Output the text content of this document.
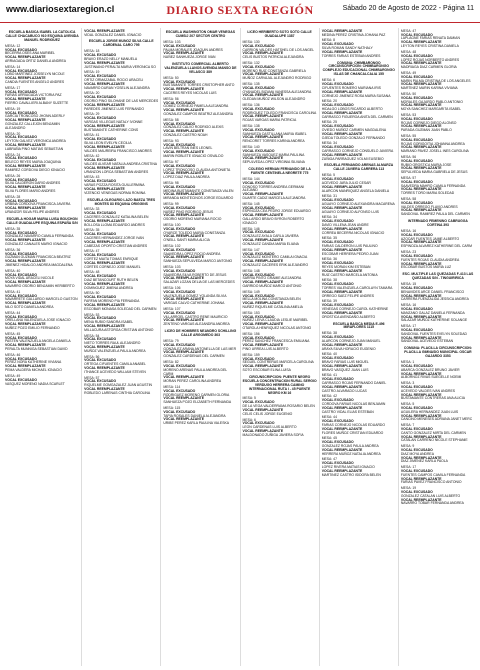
www.diariosextaregion.cl	DIARIO SEXTA REGIÓN	Sábado 20 de Agosto de 2022 - Página 11
ESCUELA BASICA ISABEL LA CATOLICA CALLE CHACABUCO 910 ESQUINA AVENIDA MANUEL RODRIGUEZ
MESA: 12
VOCAL EXCUSADO
BECERRA OSES ANA MARIBEL
VOCAL REEMPLAZANTE
ARRIAGADA ORTIZ DANIELA ANDREA
MESA: 14
VOCAL EXCUSADO
LOBO MARTINEZ JOSSELYN NICOLE
VOCAL REEMPLAZANTE
CANDIA FUENTES ANGELO ANDRES
MESA: 17
VOCAL EXCUSADO
FARIAS ARRIAGADA VICTORIA PAZ
VOCAL REEMPLAZANTE
FIERRO CAVALLIERI ALBANY SUZETTE
MESA: 19
VOCAL EXCUSADO
GARCIA TRONCOSO JHONN ADERLY
VOCAL REEMPLAZANTE
GONZALEZ CALLEJON BENJAMIN ALEJANDRO
MESA: 20
VOCAL EXCUSADO
LEYTON GALVEZ VERONICA ANDREA
VOCAL REEMPLAZANTE
LABRAÑA PINO MATIAS SEBASTIAN
MESA: 24
VOCAL EXCUSADO
BELECO REYES MARIA JOAQUINA
VOCAL REEMPLAZANTE
RAMIREZ CORDOVA DIEGO IGNACIO
MESA: 26
VOCAL EXCUSADO
SILVA CALDERON DARIO ANDRES
VOCAL REEMPLAZANTE
SILVA FLORES MARIO ANDRES
MESA: 28
VOCAL EXCUSADO
URBINA CORDOVA FRANCISCA JAVIERA
VOCAL REEMPLAZANTE
URANZOR SILVA FELIPE ANDRES
ESCUELA HOGAR MARIA LUISA BOUCHON CALLE GUADALUPE ESQUINA ESPAÑA S/N
MESA: 35
VOCAL EXCUSADO
GONZALEZ NAVARRO CAMILA FERNANDA
VOCAL REEMPLAZANTE
GONZALEZ CANALES MARIO IGNACIO
MESA: 36
VOCAL EXCUSADO
GUZMAN GUZMAN FRANCISCA BEATRIZ
VOCAL REEMPLAZANTE
JIMENEZ HIDALGO ANDREA MAGDALENA
MESA: 40
VOCAL EXCUSADO
MOYA VIDAL ARACELI NICOLE
VOCAL REEMPLAZANTE
NAVARRO OSORIO BENJAMIN HERIBERTO
MESA: 41
VOCAL EXCUSADO
NAVARRETE GALLARDO MARCELO GASTON
VOCAL REEMPLAZANTE
NILO SOTO DANIELA ANDREA
MESA: 44
VOCAL EXCUSADO
ORELLANA VALENZUELA JOSE IGNACIO
VOCAL REEMPLAZANTE
NUÑEZ POZO EMILIO FERNANDO
MESA: 45
VOCAL EXCUSADO
PASTEN VALENZUELA ANGELA DANIELA
VOCAL REEMPLAZANTE
PERALTA MUNNIGA SEBASTIAN DAVID
MESA: 46
VOCAL EXCUSADO
PEREZ NORA KATHERINE VIVIANA
VOCAL REEMPLAZANTE
PEMA VALDERA MICHAEL IGNACIO
MESA: 49
VOCAL EXCUSADO
VASQUEZ MORENO NADIA SCARLET
VOCAL REEMPLAZANTE
VIDAL GONZALEZ DANIEL IGNACIO
ESCUELA JORGE MUNOZ SILVA CALLE CARDENAL CARO 795
MESA: 18
VOCAL EXCUSADO
BRAVO ERAZO NELLY MANUELA
VOCAL REEMPLAZANTE
JUSTINIANO PERALTA MARIA VERONICA SO
MESA: 19
VOCAL EXCUSADO
ORTIZ ORMAZABAL ROCIO ARACELI
VOCAL REEMPLAZANTE
NAVARRO DURAN YOSELIN ALEJANDRA
MESA: 20
VOCAL EXCUSADO
OSORIO PINO SILOHANE DE LAS MERCEDES
VOCAL REEMPLAZANTE
PAREDES JIMENEZ LUIS FERNANDO
MESA: 29
VOCAL EXCUSADO
VARGAS VILLEGAS NATALY IVONNE
VOCAL REEMPLAZANTE
BUSTAMANTE CATHERINE CONS
MESA: 41
VOCAL EXCUSADO
SILVA LEON EVELYN CECILIA
VOCAL REEMPLAZANTE
VALDES MAUREIRA FRANCISCO ANDRES
MESA: 42
VOCAL EXCUSADO
VALDES ALVEAR NATALIA ANDREA CRISTINA
VOCAL REEMPLAZANTE
URANZON LORCA SEBASTIAN ANDRES
MESA: 43
VOCAL EXCUSADO
VARAS POZZA ROSITA GUILLERMINA
VOCAL REEMPLAZANTE
VIZENCIO VENEGAS NORMA ROMINA
ESCUELA OLEGARIO LAZO BAEZA TRES MONTES 83 ESQUINA ORIGGINS
MESA: 33
VOCAL EXCUSADO
CACERES GONZALEZ KATALINA BELEN
VOCAL REEMPLAZANTE
BOLLOSA LLOMA EDUARDO ANDRES
MESA: 35
VOCAL EXCUSADO
CACERES HERNANDEZ JORGE IVAN
VOCAL REEMPLAZANTE
CABEZAS OPORTO CRISTIAN ANDRES
MESA: 47
VOCAL EXCUSADO
CORTEZ MAITA TOMAS ENRIQUE
VOCAL REEMPLAZANTE
CORTES CORNEJO JOSE MANUEL
MESA: 48
VOCAL EXCUSADO
DIAZ BETANCOURT RUTH BELEN
VOCAL REEMPLAZANTE
DOMINGUEZ JIMENA ANDREA
MESA: 50
VOCAL EXCUSADO
FARFAN MORENO PIA FERNANDA
VOCAL REEMPLAZANTE
ESCOBAR MONASA SOLEDAD DEL CARMEN
MESA: 53
VOCAL EXCUSADO
MENA RUBIO SANDRA ISABEL
VOCAL REEMPLAZANTE
MILLACURA ASTORGA CRISTIAN ANTONIO
MESA: 54
VOCAL EXCUSADO
NIETO TORRES RAUL ALEJANDRO
VOCAL REEMPLAZANTE
MUÑOZ VALENZUELA PAULA ANDREA
MESA: 56
VOCAL EXCUSADO
ORTEGA CIFUENTES CAMILA ANABEL
VOCAL REEMPLAZANTE
ITHANCE ACEVEDO WILLIAM STEVEN
MESA: 57
VOCAL EXCUSADO
RIQUELME GOMGAZALEZ JUAN AGUSTIN
VOCAL REEMPLAZANTE
ROBLEDO LARENAS CINTHIA CAROLINA
ESCUELA WASHINGTON OMAR VENEGAS CUMSIJ 207 SECTOR CENTRO
MESA: 103
VOCAL EXCUSADO
PALMA MORALES JOAQUIN ANDRES
VOCAL REEMPLAZANTE
NUÑEZ SANHUEZA JORGE IVAN
INSTITUTO COMERCIAL ALBERTO VALENZUELA LLANOS AVENIDA MANSO DE VELASCO 389
MESA: 50
VOCAL EXCUSADO
BUSTAMANTE TORRES CRISTOPHER ANTO
VOCAL REEMPLAZANTE
CACERES REYES NICOLAS LUIS
MESA: 56
VOCAL EXCUSADO
GOMEZ CORNEJO PAMELA ALEJANDRA
VOCAL REEMPLAZANTE
GONZALEZ CAMPOS BEATRIZ ALEJANDRA
MESA: 58
VOCAL EXCUSADO
GONZALEZ CALVO RODRIGO ALEXIS
VOCAL REEMPLAZANTE
GONZALEZ CASTRO NOAH
MESA: 93
VOCAL EXCUSADO
LAVIN BELTRAN INES LEONEL
VOCAL REEMPLAZANTE
MARIN ROBLETE IGNACIO OSVALDO
MESA: 97
VOCAL EXCUSADO
LOPEZ TRONCOSO CLAUDIA ANTONIETA
VOCAL REEMPLAZANTE
LOPEZ DIAZ PAULA ANDREA
MESA: 98
VOCAL EXCUSADO
MEDINA BUSTAMANTE CONSTANZA VALEN
VOCAL REEMPLAZANTE
MIRANDA MONTECINOS JORGE EDUARDO
MESA: 99
VOCAL EXCUSADO
NUÑEZ PINO RODRIGO JESUS
VOCAL REEMPLAZANTE
OSORIO MORENO MARIANA ROCIO
MESA: 100
VOCAL EXCUSADO
OYARCE TOLEDO MARIA CONSTANZA
VOCAL REEMPLAZANTE
O'NEILL SANTI MARIA ALICIA
MESA: 102
VOCAL EXCUSADO
SAAVEDRA LOPEZ ROCIO ANDREA
VOCAL REEMPLAZANTE
SANHUEZA SEPULVEDA MARCO ANTONIO
MESA: 103
VOCAL EXCUSADO
SAAVEDRA SILVA ROBERTO DE JESUS
VOCAL REEMPLAZANTE
SALAZAR LOZAN DELIA DE LAS MERCEDES
MESA: 106
VOCAL EXCUSADO
VALENZUELA GOMEZ YOLANDA SILVIA
VOCAL REEMPLAZANTE
VARGAS CALVO CATHERINE JOHANA
MESA: 107
VOCAL EXCUSADO
VILLARROEL CASTRO RENE MAURICIO
VOCAL REEMPLAZANTE
ZENTENO VARGAS ALEJANDRA ANDREA
LICEO DE HOMBRES NEANDRO SCHILLING CALLE ARGOMEDO 363
MESA: 79
VOCAL EXCUSADO
GONZALEZ ARANA ANTONELLA DE LAS MER
VOCAL REEMPLAZANTE
GONZALEZ CARDENAS DEL CARMEN
MESA: 82
VOCAL EXCUSADO
MORENO ARENAS PAULA ANDREA DEL CARM
VOCAL REEMPLAZANTE
MORAN PEREZ CAROLINA ANDREA
MESA: 114
VOCAL EXCUSADO
RODRIGUEZ MORENO CARMEN GLORIA
VOCAL REEMPLAZANTE
SANHUEZA POZO ELIZABETH FERNANDA
MESA: 115
VOCAL EXCUSADO
TAPIA ROSALES DANIELA ALEJANDRA
VOCAL REEMPLAZANTE
URIBE PEREZ KARLA PAULINA VALESKA
LICEO HERIBERTO SOTO SOTO CALLE GUADALUPE 1387
MESA: 130
VOCAL EXCUSADO
CARRION VALDES HATSHEL DE LOS ANGEL
VOCAL REEMPLAZANTE
CELIS BUSTOS PATRICIA ALEJANDRA
MESA: 132
VOCAL EXCUSADO
MORENO RUIZ CONSTANZA GABRIELA
VOCAL REEMPLAZANTE
MUÑOZ CARVAJAL ALEJANDRO RODRIGO
MESA: 135
VOCAL EXCUSADO
OYANADEL BIZAMA VANESSA ALEJANDRA
VOCAL REEMPLAZANTE
OLEDAN MUÑOZ WILSON ALEJANDRO
MESA: 136
VOCAL EXCUSADO
RODRIGUEZ TOLEDO FRANCISCA CAROLINA
VOCAL REEMPLAZANTE
ROJAS VARGAS MARIA PATRICIA
MESA: 138
VOCAL EXCUSADO
SANHUEZA CASTILLANA MARIA ISABEL
VOCAL REEMPLAZANTE
RENCORET TORRES KARINA ANDREA
MESA: 140
VOCAL EXCUSADO
SANHUEZA VASQUEZ MARIA PAULINA
VOCAL REEMPLAZANTE
SEPULVEDA LOPEZ VIRGINIA SILVANA
COLEGIO HERNAN FERNANDO DE LA FUENTE CENTINELA NEGRETE 775
MESA: 144
VOCAL EXCUSADO
DONOSO TORRES ANDREA GERMANI ALEJAND
VOCAL REEMPLAZANTE
DUARTE CADIZ MARCELA ALEJANDRA
MESA: 145
VOCAL EXCUSADO
ESPINOZA CEA PEDRO JORGE EDUARDO
VOCAL REEMPLAZANTE
GALLARDO BRAVO BYRON ROBERTO IGNACIO
MESA: 146
VOCAL EXCUSADO
GONZALEZ AYALA CARLA JAVIERA
VOCAL REEMPLAZANTE
GONZALEZ CANDIA MARIA ELIANA
MESA: 147
VOCAL EXCUSADO
GONZALEZ MONTERO CAMILA IGNACIA
VOCAL REEMPLAZANTE
GONZALEZ CACERES ERIK ALEJANDRO
MESA: 148
VOCAL EXCUSADO
SARRIA PINTO GRAMIE ALEJANDRA
VOCAL REEMPLAZANTE
GARRIDO MUÑOZ MARCO ANTONIO
MESA: 149
VOCAL EXCUSADO
MELLA MOLINA CONSTANZA BELEN
VOCAL REEMPLAZANTE
NUÑEZ RIQUELME CATALINA AMELIA
MESA: 153
VOCAL EXCUSADO
NUÑEZ LEIVA CLAUDIA LESLIE MARIBEL
VOCAL REEMPLAZANTE
OTAROLA HENRIQUEZ NICOLAS ANTONIO
MESA: 156
VOCAL EXCUSADO
PEREZ SANCHEZ FRANCESCA EMILIANA
VOCAL REEMPLAZANTE
PINO URREA LUIS ALBERTO
MESA: 159
VOCAL EXCUSADO
SEGUEL CONTRERAS MARCELA CAROLINA
VOCAL REEMPLAZANTE
SOTO ESCOBAR ELINA LUISA
CIRCUNSCRIPCION: PUENTE NEGRO ESCUELA CONCENTRACION RURAL SERGIO VERDUGO HERRERA CAMINO INTERNACIONAL RUTA I - 45 PUENTE NEGRO KM 16
MESA: 5
VOCAL EXCUSADO
DE LA VEGA VALDERRAMA ROSARIO BELEN
VOCAL REEMPLAZANTE
CELIS CELIS JORGE EUGENIO
MESA: 6
VOCAL EXCUSADO
LEON CARDENAS LUIS ALBERTO
VOCAL REEMPLAZANTE
MALDONADO ZUÑIGA JAVIERA SOFIA
VOCAL REEMPLAZANTE
MEDINA PEREZ CRISTINA JOHANA PAZ
MESA: 8
VOCAL EXCUSADO
SILVA ROMAN SANDY NATHALY
VOCAL REEMPLAZANTE
TORRES FARIAS ESTEBAN ANDRES
COMUNA: CHIMBARONGO CIRCUNSCRIPCION: CHIMBARONGO COMPLEJO EDUCACIONAL CHIMBARONGO ISLAS DE CHANCALCALIA 155
MESA: 6
VOCAL EXCUSADO
CIFUENTES ROMERO MARIANA IRIS
VOCAL REEMPLAZANTE
CORNEJO JIMENEZ ROSA MARIA SUSANA
MESA: 20
VOCAL EXCUSADO
HIDALGO LOBOS RICARDO ALBERTO
VOCAL REEMPLAZANTE
CARRASCO FIGUEROA ANITA DEL CARMEN
MESA: 25
VOCAL EXCUSADO
OVIEDO MUÑOZ CARMEN MAGDALENA
VOCAL REEMPLAZANTE
OJEDA TOLEDO GONZALO FERNANDO
MESA: 34
VOCAL EXCUSADO
CARRASCO CORNEJO CONSUELO JAVIERA
VOCAL REEMPLAZANTE
ZUÑIGA PARRAGUEZ VOLMI EUSEBIO
ESCUELA FERNANDO ARENAS ALMARZA CALLE JAVIERA CARRERA 113
MESA: 5
VOCAL EXCUSADO
ACEVEDO JARA JULIO CESAR
VOCAL REEMPLAZANTE
ALARCON MANRIQUEZ ANGELA DANIELA
MESA: 31
VOCAL EXCUSADO
AGUAYO CORNEJO ALEXANDRA MACARENA
VOCAL REEMPLAZANTE
AGUAYO CORNEJO ALFONSO LUIS
MESA: 34
VOCAL EXCUSADO
DAVID VILLENA JEAN ANDRE
VOCAL REEMPLAZANTE
CORREA BECERRA NICOLAS IGNACIO
MESA: 35
VOCAL EXCUSADO
FARIAS CALDERON LUIS PAULINO
VOCAL REEMPLAZANTE
ESCOBAR HERRERA PEDRO JUAN
MESA: 36
VOCAL EXCUSADO
REYES MORAN KIM ESTEBAN
VOCAL REEMPLAZANTE
RUIZ CASTRO MARCELA ANTONIA
MESA: 38
VOCAL EXCUSADO
TORRES VALENZUELA CAROLAYN TAMARA
VOCAL REEMPLAZANTE
ORREGO SAEZ FELIPE ANDRES
MESA: 39
VOCAL EXCUSADO
VENEGAS CORNEJO CAROL KATHERINE
VOCAL REEMPLAZANTE
OROSTICA AVENDAÑO ALBERTO
ESCUELA BASICA MEDIA E-496 MIRAFLORES 1115
MESA: 38
VOCAL EXCUSADO
ALARCON CORNEJO JUAN MANUEL
VOCAL REEMPLAZANTE
ARAYA SILVA HORACIO EUGENIO
MESA: 40
VOCAL EXCUSADO
BRAVO FARIAS LUIS MIGUEL
VOCAL REEMPLAZANTE
BRAVO VASQUEZ JUAN LUIS
MESA: 41
VOCAL EXCUSADO
CARRASCO ROJAS FERNANDO DANIEL
VOCAL REEMPLAZANTE
CASTRO ALVARADO LUCAS
MESA: 42
VOCAL EXCUSADO
CORDOVA FARIAS NICOLAS BENJAMIN
VOCAL REEMPLAZANTE
CASTRO VIDAL ELIAS ESTEBAN
MESA: 44
VOCAL EXCUSADO
FARIAS CORNEJO NICOLAS EDUARDO
VOCAL REEMPLAZANTE
FLORES MUÑOZ CRISTIAN EDUARDO
MESA: 45
VOCAL EXCUSADO
GONZALEZ ROJAS PAULA ANDREA
VOCAL REEMPLAZANTE
HERRERA MUÑOZ NATALIA ANDREA
MESA: 47
VOCAL EXCUSADO
LOPEZ RIVERA MATIAS IGNACIO
VOCAL REEMPLAZANTE
MARTINEZ CASTRO ISIDORA BELEN
MESA: 47
VOCAL EXCUSADO
LAPLAGNE FARIAS RENATA DAMIAN
VOCAL REEMPLAZANTE
LEYTON REYES CRISTINA DANIELA
MESA: 48
VOCAL EXCUSADO
LOPEZ ROJAS NORBERTO ANDRES
VOCAL REEMPLAZANTE
MADRIAGA DIAZ CARMEN GLORIA
MESA: 49
VOCAL EXCUSADO
MARIN PALMA CRISTINA DE LOS ANGELES
VOCAL REEMPLAZANTE
MARTINEZ MARIN KARINA VIVIANA
MESA: 50
VOCAL EXCUSADO
MORALES GAJARDO PABLO ANTONIO
VOCAL REEMPLAZANTE
MOYA SANCHEZ MARGARITA ISABEL
MESA: 53
VOCAL EXCUSADO
ROJAS CORNEJO DIEGO ALONSO
VOCAL REEMPLAZANTE
PARADA GUZMAN JUAN PABLO
MESA: 55
VOCAL EXCUSADO
ROJAS GORIGOITIA JOHANNA ANDREA
VOCAL REEMPLAZANTE
MARIANO PAVEZ JOSELL INES CAROLINA
MESA: 56
VOCAL EXCUSADO
RUBIO OROSTICA MARIA JOSE
VOCAL REEMPLAZANTE
SEPULVEDA MARIA GABRIELA DE JESUS
MESA: 57
VOCAL EXCUSADO
SAAVEDRA MAHRO CAMILA FERNANDA
VOCAL REEMPLAZANTE
TORRES TORO MARIA SOLEDAD
MESA: 58
VOCAL EXCUSADO
VALDES ORREGO FLAVIO ANDRES
VOCAL REEMPLAZANTE
SANDOVAL RAMIREZ PAULA DEL CARMEN
INTERNADO FEMENINO CABRUGGA CORTINA 393
MESA: 16
VOCAL EXCUSADO
AZOCAR FUENTES JAIME ALBERTO
VOCAL REEMPLAZANTE
ESPINOZA ALVAREZ KATHERINE DEL CARM
MESA: 23
VOCAL EXCUSADO
FUENTES ROJAS CLAUDIA ANDREA
VOCAL REEMPLAZANTE
ESCOBAR BUSTOS MARIA LUZ
ESC. MULTIPLE LAS QUEZADAS F-413 LAS QUEZADAS S/N - TINGUIRIRICA
MESA: 15
VOCAL EXCUSADO
BENAVIDES ARCE DANIEL FRANCISCO
VOCAL REEMPLAZANTE
CARRERA FUENZALIDA JESSICA ANDREA
MESA: 16
VOCAL EXCUSADO
MANZANO GALAZ DANIELA FERNANDA
VOCAL REEMPLAZANTE
SALAZAR MUÑOZ KATHERINE SOLANGE
MESA: 17
VOCAL EXCUSADO
SANDOVAL FUENTES EVELYN SOLEDAD
VOCAL REEMPLAZANTE
SANDOVAL ACEVEDO ESTEBAN
COMUNA: PLACILLA CIRCUNSCRIPCION: PLACILLA GIMNASIO MUNICIPAL OSCAR GAJARDO 3353
MESA: 1
VOCAL EXCUSADO
ABARCA GONZALEZ BRUNO JAVIER
VOCAL REEMPLAZANTE
ALBORNOZ RIVAS SUEGELLE NOEMI
MESA: 3
VOCAL EXCUSADO
ACEVEDO VALDES IVAN ANDRES
VOCAL REEMPLAZANTE
BUSTAMANTE CONTRERAS ANA ALICIA
MESA: 5
VOCAL EXCUSADO
AGUILERA HERNANDEZ JUAN LUIS
VOCAL REEMPLAZANTE
CANCINO MENESES ADRIANA JANET MERC
MESA: 7
VOCAL EXCUSADO
CANTO GONZALEZ MIRTA DEL CARMEN
VOCAL REEMPLAZANTE
CATALAN CARRENO NICOLE STEPHANIE
MESA: 9
VOCAL EXCUSADO
DIAZ MOYA ANDREA
VOCAL REEMPLAZANTE
DIAZ JIMENEZ KARLA PAOLA
MESA: 17
VOCAL EXCUSADO
FUENTES CAMPOS CAMILA FERNANDA
VOCAL REEMPLAZANTE
FARIAS PAVEZ FRANCISCO ANTONIO
MESA: 19
VOCAL EXCUSADO
GONZALEZ CATALAN LUIS ALBERTO
VOCAL REEMPLAZANTE
NAVARRO TOBAR FERNANDA ANDREA
